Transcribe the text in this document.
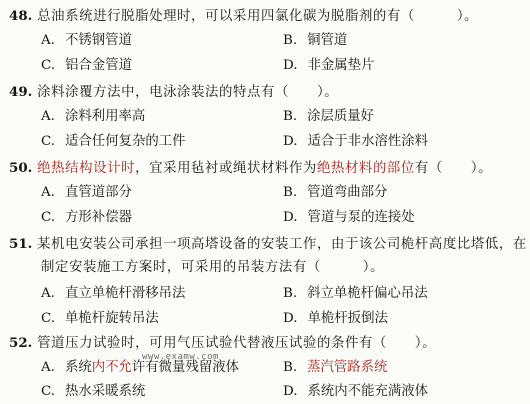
48. 总油系统进行脱脂处理时，可以采用四氯化碳为脱脂剂的有（　　　）。
A. 不锈钢管道	B. 铜管道
C. 铝合金管道	D. 非金属垫片
49. 涂料涂覆方法中，电泳涂装法的特点有（　　）。
A. 涂料利用率高	B. 涂层质量好
C. 适合任何复杂的工件	D. 适合于非水溶性涂料
50. 绝热结构设计时，宜采用毡衬或绳状材料作为绝热材料的部位有（　　）。
A. 直管道部分	B. 管道弯曲部分
C. 方形补偿器	D. 管道与泵的连接处
51. 某机电安装公司承担一项高塔设备的安装工作，由于该公司桅杆高度比塔低，在
制定安装施工方案时，可采用的吊装方法有（　　　）。
A. 直立单桅杆滑移吊法	B. 斜立单桅杆偏心吊法
C. 单桅杆旋转吊法	D. 单桅杆扳倒法
52. 管道压力试验时，可用气压试验代替液压试验的条件有（　　）。
www.examw.com
A. 系统内不允许有微量残留液体	B. 蒸汽管路系统
C. 热水采暖系统	D. 系统内不能充满液体
